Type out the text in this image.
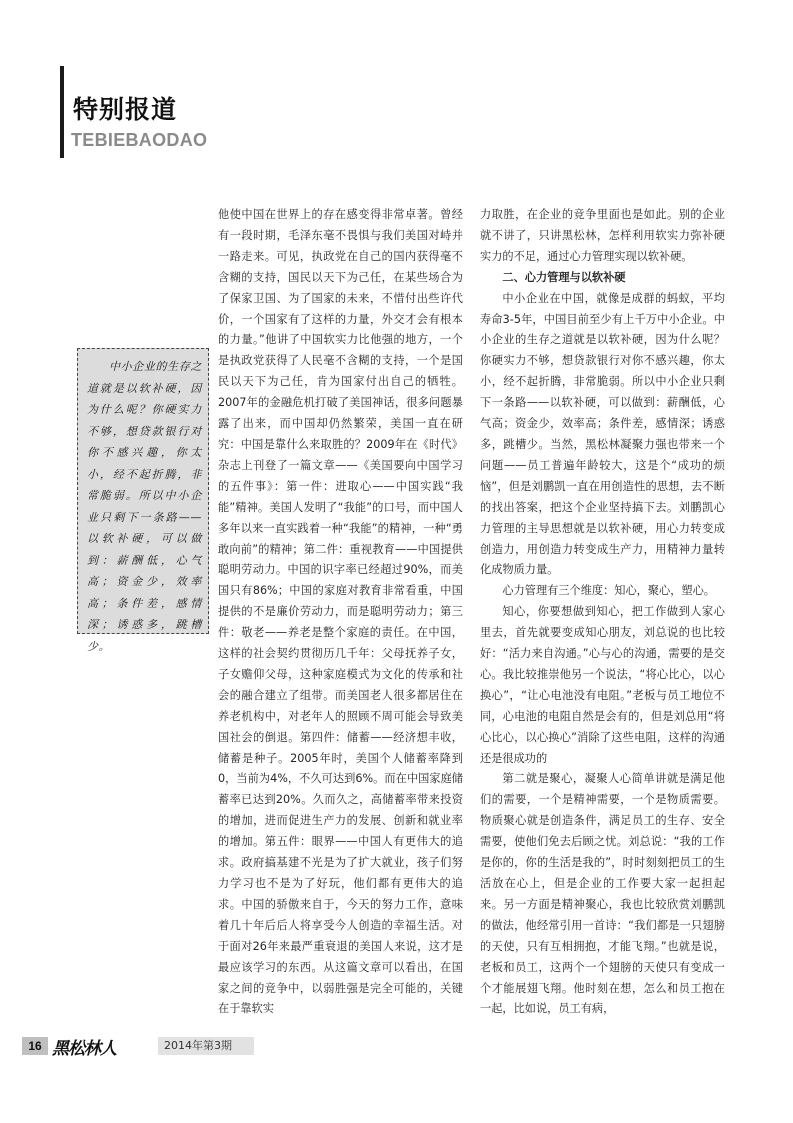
特别报道
TEBIEBAODAO

中小企业的生存之道就是以软补硬，因为什么呢？你硬实力不够，想贷款银行对你不感兴趣，你太小，经不起折腾，非常脆弱。所以中小企业只剩下一条路——以软补硬，可以做到：薪酬低，心气高；资金少，效率高；条件差，感情深；诱惑多，跳槽少。

他使中国在世界上的存在感变得非常卓著。曾经有一段时期，毛泽东毫不畏惧与我们美国对峙并一路走来。可见，执政党在自己的国内获得毫不含糊的支持，国民以天下为己任，在某些场合为了保家卫国、为了国家的未来，不惜付出些许代价，一个国家有了这样的力量，外交才会有根本的力量。”他讲了中国软实力比他强的地方，一个是执政党获得了人民毫不含糊的支持，一个是国民以天下为己任，肯为国家付出自己的牺牲。2007年的金融危机打破了美国神话，很多问题暴露了出来，而中国却仍然繁荣，美国一直在研究：中国是靠什么来取胜的？2009年在《时代》杂志上刊登了一篇文章——《美国要向中国学习的五件事》：第一件：进取心——中国实践“我能”精神。美国人发明了“我能”的口号，而中国人多年以来一直实践着一种“我能”的精神，一种“勇敢向前”的精神；第二件：重视教育——中国提供聪明劳动力。中国的识字率已经超过90%，而美国只有86%；中国的家庭对教育非常看重，中国提供的不是廉价劳动力，而是聪明劳动力；第三件：敬老——养老是整个家庭的责任。在中国，这样的社会契约贯彻历几千年：父母抚养子女，子女赡仰父母，这种家庭模式为文化的传承和社会的融合建立了组带。而美国老人很多都居住在养老机构中，对老年人的照顾不周可能会导致美国社会的倒退。第四件：储蓄——经济想丰收，储蓄是种子。2005年时，美国个人储蓄率降到0，当前为4%，不久可达到6%。而在中国家庭储蓄率已达到20%。久而久之，高储蓄率带来投资的增加，进而促进生产力的发展、创新和就业率的增加。第五件：眼界——中国人有更伟大的追求。政府搞基建不光是为了扩大就业，孩子们努力学习也不是为了好玩，他们都有更伟大的追求。中国的骄傲来自于，今天的努力工作，意味着几十年后后人将享受今人创造的幸福生活。对于面对26年来最严重衰退的美国人来说，这才是最应该学习的东西。从这篇文章可以看出，在国家之间的竞争中，以弱胜强是完全可能的，关键在于靠软实

力取胜，在企业的竞争里面也是如此。别的企业就不讲了，只讲黑松林，怎样利用软实力弥补硬实力的不足，通过心力管理实现以软补硬。

二、心力管理与以软补硬

中小企业在中国，就像是成群的蚂蚁，平均寿命3-5年，中国目前至少有上千万中小企业。中小企业的生存之道就是以软补硬，因为什么呢？你硬实力不够，想贷款银行对你不感兴趣，你太小，经不起折腾，非常脆弱。所以中小企业只剩下一条路——以软补硬，可以做到：薪酬低，心气高；资金少，效率高；条件差，感情深；诱惑多，跳槽少。当然，黑松林凝聚力强也带来一个问题——员工普遍年龄较大，这是个“成功的烦恼”，但是刘鹏凯一直在用创造性的思想，去不断的找出答案，把这个企业坚持搞下去。刘鹏凯心力管理的主导思想就是以软补硬，用心力转变成创造力，用创造力转变成生产力，用精神力量转化成物质力量。

心力管理有三个维度：知心，聚心，塑心。

知心，你要想做到知心，把工作做到人家心里去，首先就要变成知心朋友，刘总说的也比较好：“活力来自沟通。”心与心的沟通，需要的是交心。我比较推崇他另一个说法，“将心比心，以心换心”，“让心电池没有电阻。”老板与员工地位不同，心电池的电阻自然是会有的，但是刘总用“将心比心，以心换心”消除了这些电阻，这样的沟通还是很成功的

第二就是聚心，凝聚人心简单讲就是满足他们的需要，一个是精神需要，一个是物质需要。物质聚心就是创造条件，满足员工的生存、安全需要，使他们免去后顾之忧。刘总说：“我的工作是你的，你的生活是我的”，时时刻刻把员工的生活放在心上，但是企业的工作要大家一起担起来。另一方面是精神聚心，我也比较欣赏刘鹏凯的做法，他经常引用一首诗：“我们都是一只翅膀的天使，只有互相拥抱，才能飞翔。”也就是说，老板和员工，这两个一个翅膀的天使只有变成一个才能展翅飞翔。他时刻在想，怎么和员工抱在一起，比如说，员工有病，

16 黑松林人	2014年第3期
